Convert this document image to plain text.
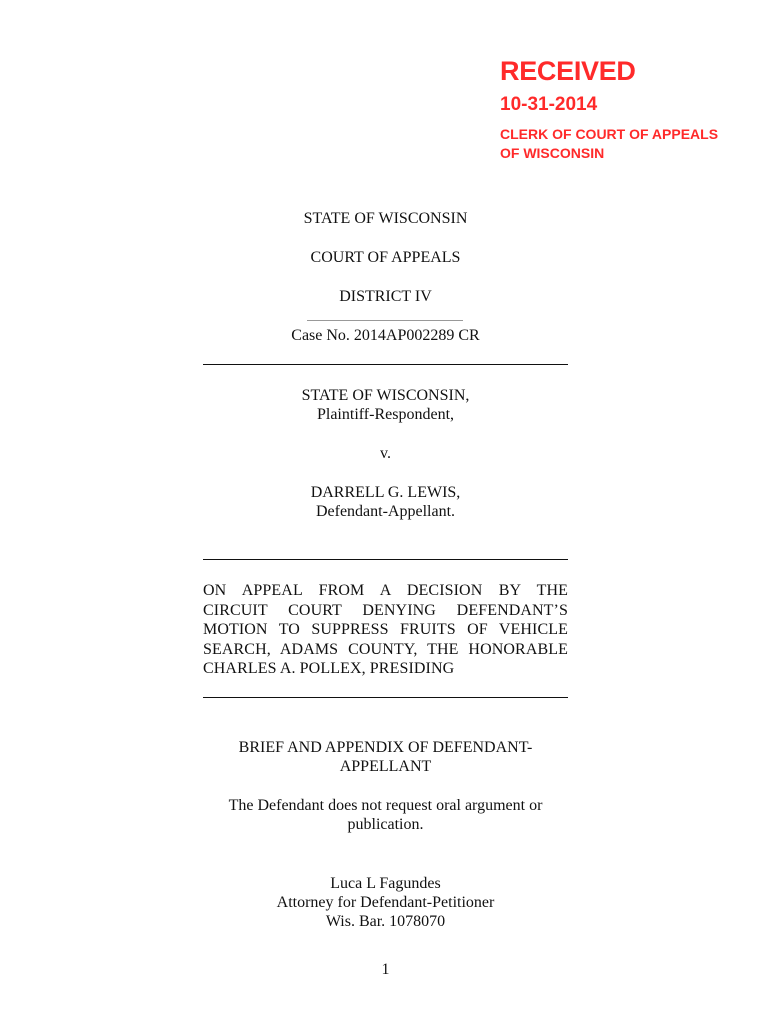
RECEIVED
10-31-2014
CLERK OF COURT OF APPEALS
OF WISCONSIN
STATE OF WISCONSIN
COURT OF APPEALS
DISTRICT IV
Case No. 2014AP002289 CR
STATE OF WISCONSIN,
Plaintiff-Respondent,
v.
DARRELL G. LEWIS,
Defendant-Appellant.
ON APPEAL FROM A DECISION BY THE
CIRCUIT COURT DENYING DEFENDANT’S
MOTION TO SUPPRESS FRUITS OF VEHICLE
SEARCH, ADAMS COUNTY, THE HONORABLE
CHARLES A. POLLEX, PRESIDING
BRIEF AND APPENDIX OF DEFENDANT-
APPELLANT
The Defendant does not request oral argument or
publication.
Luca L Fagundes
Attorney for Defendant-Petitioner
Wis. Bar. 1078070
1
